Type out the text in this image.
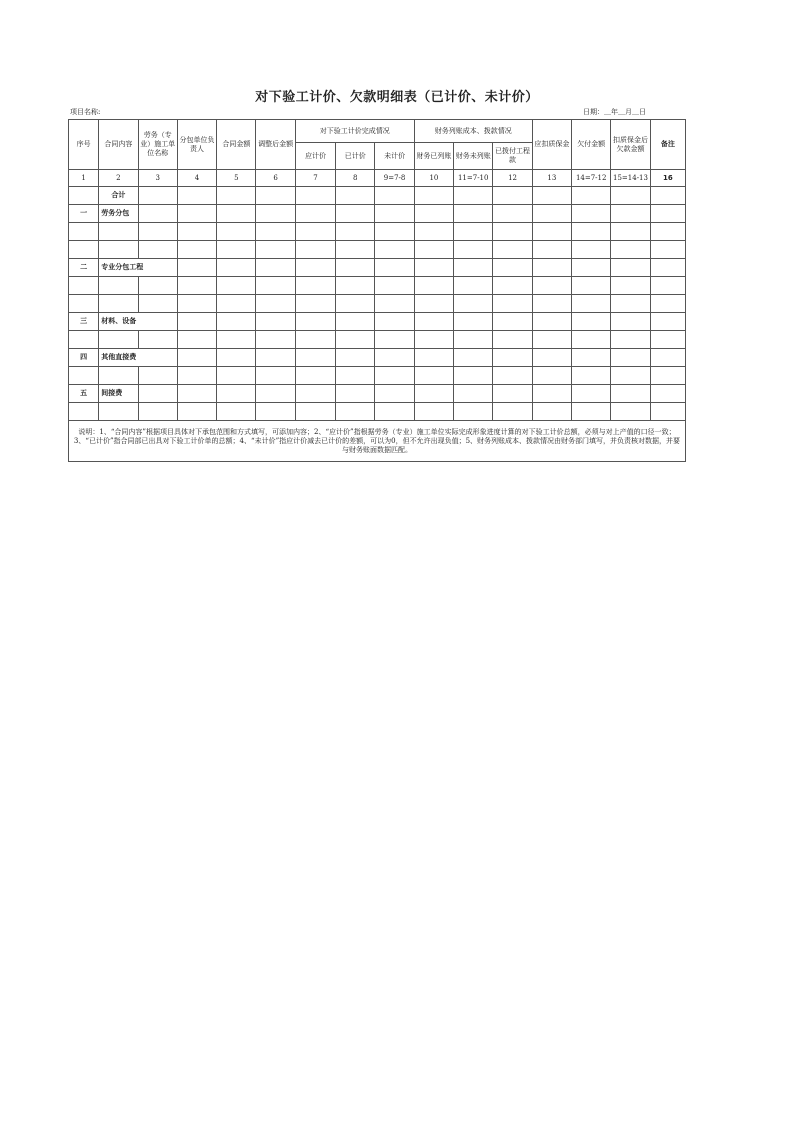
对下验工计价、欠款明细表（已计价、未计价）
项目名称:	日期：＿年＿月＿日
序号	合同内容	劳务（专业）施工单位名称	分包单位负责人	合同金额	调整后金额	对下验工计价完成情况			财务列账成本、拨款情况			应扣质保金	欠付金额	扣质保金后欠款金额	备注
						应计价	已计价	未计价	财务已列账	财务未列账	已拨付工程款				
1	2	3	4	5	6	7	8	9=7-8	10	11=7-10	12	13	14=7-12	15=14-13	16
	合计														
一	劳务分包														

二	专业分包工程														

三	材料、设备														

四	其他直接费														

五	间接费														

说明：1、“合同内容”根据项目具体对下承包范围和方式填写，可添加内容；2、“应计价”指根据劳务（专业）施工单位实际完成形象进度计算的对下验工计价总额，必须与对上产值的口径一致；3、“已计价”指合同部已出具对下验工计价单的总额；4、“未计价”指应计价减去已计价的差额，可以为0，但不允许出现负值；5、财务列账成本、拨款情况由财务部门填写，并负责核对数据，并要与财务账面数据匹配。															
